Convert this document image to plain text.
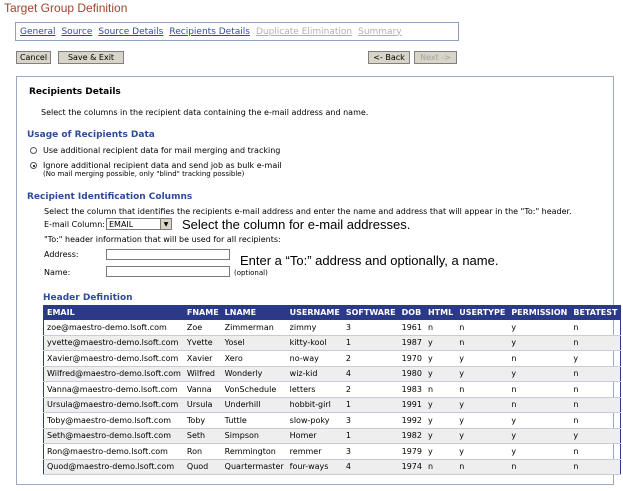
Target Group Definition
General Source Source Details Recipients Details Duplicate Elimination Summary
Cancel	Save & Exit	<- Back	Next ->
Recipients Details
Select the columns in the recipient data containing the e-mail address and name.
Usage of Recipients Data
Use additional recipient data for mail merging and tracking
Ignore additional recipient data and send job as bulk e-mail
(No mail merging possible, only "blind" tracking possible)
Recipient Identification Columns
Select the column that identifies the recipients e-mail address and enter the name and address that will appear in the "To:" header.
E-mail Column: EMAIL	▼ Select the column for e-mail addresses.
"To:" header information that will be used for all recipients:
Address:	Enter a “To:” address and optionally, a name.
Name:	(optional)
Header Definition
EMAIL	FNAME	LNAME	USERNAME	SOFTWARE	DOB	HTML	USERTYPE	PERMISSION	BETATEST
zoe@maestro-demo.lsoft.com	Zoe	Zimmerman	zimmy	3	1961	n	n	y	n
yvette@maestro-demo.lsoft.com	Yvette	Yosel	kitty-kool	1	1987	y	n	y	n
Xavier@maestro-demo.lsoft.com	Xavier	Xero	no-way	2	1970	y	y	n	y
Wilfred@maestro-demo.lsoft.com	Wilfred	Wonderly	wiz-kid	4	1980	y	y	y	n
Vanna@maestro-demo.lsoft.com	Vanna	VonSchedule	letters	2	1983	n	n	n	n
Ursula@maestro-demo.lsoft.com	Ursula	Underhill	hobbit-girl	1	1991	y	y	n	n
Toby@maestro-demo.lsoft.com	Toby	Tuttle	slow-poky	3	1992	y	y	y	n
Seth@maestro-demo.lsoft.com	Seth	Simpson	Homer	1	1982	y	y	y	y
Ron@maestro-demo.lsoft.com	Ron	Remmington	remmer	3	1979	y	y	y	n
Quod@maestro-demo.lsoft.com	Quod	Quartermaster	four-ways	4	1974	n	n	n	n
